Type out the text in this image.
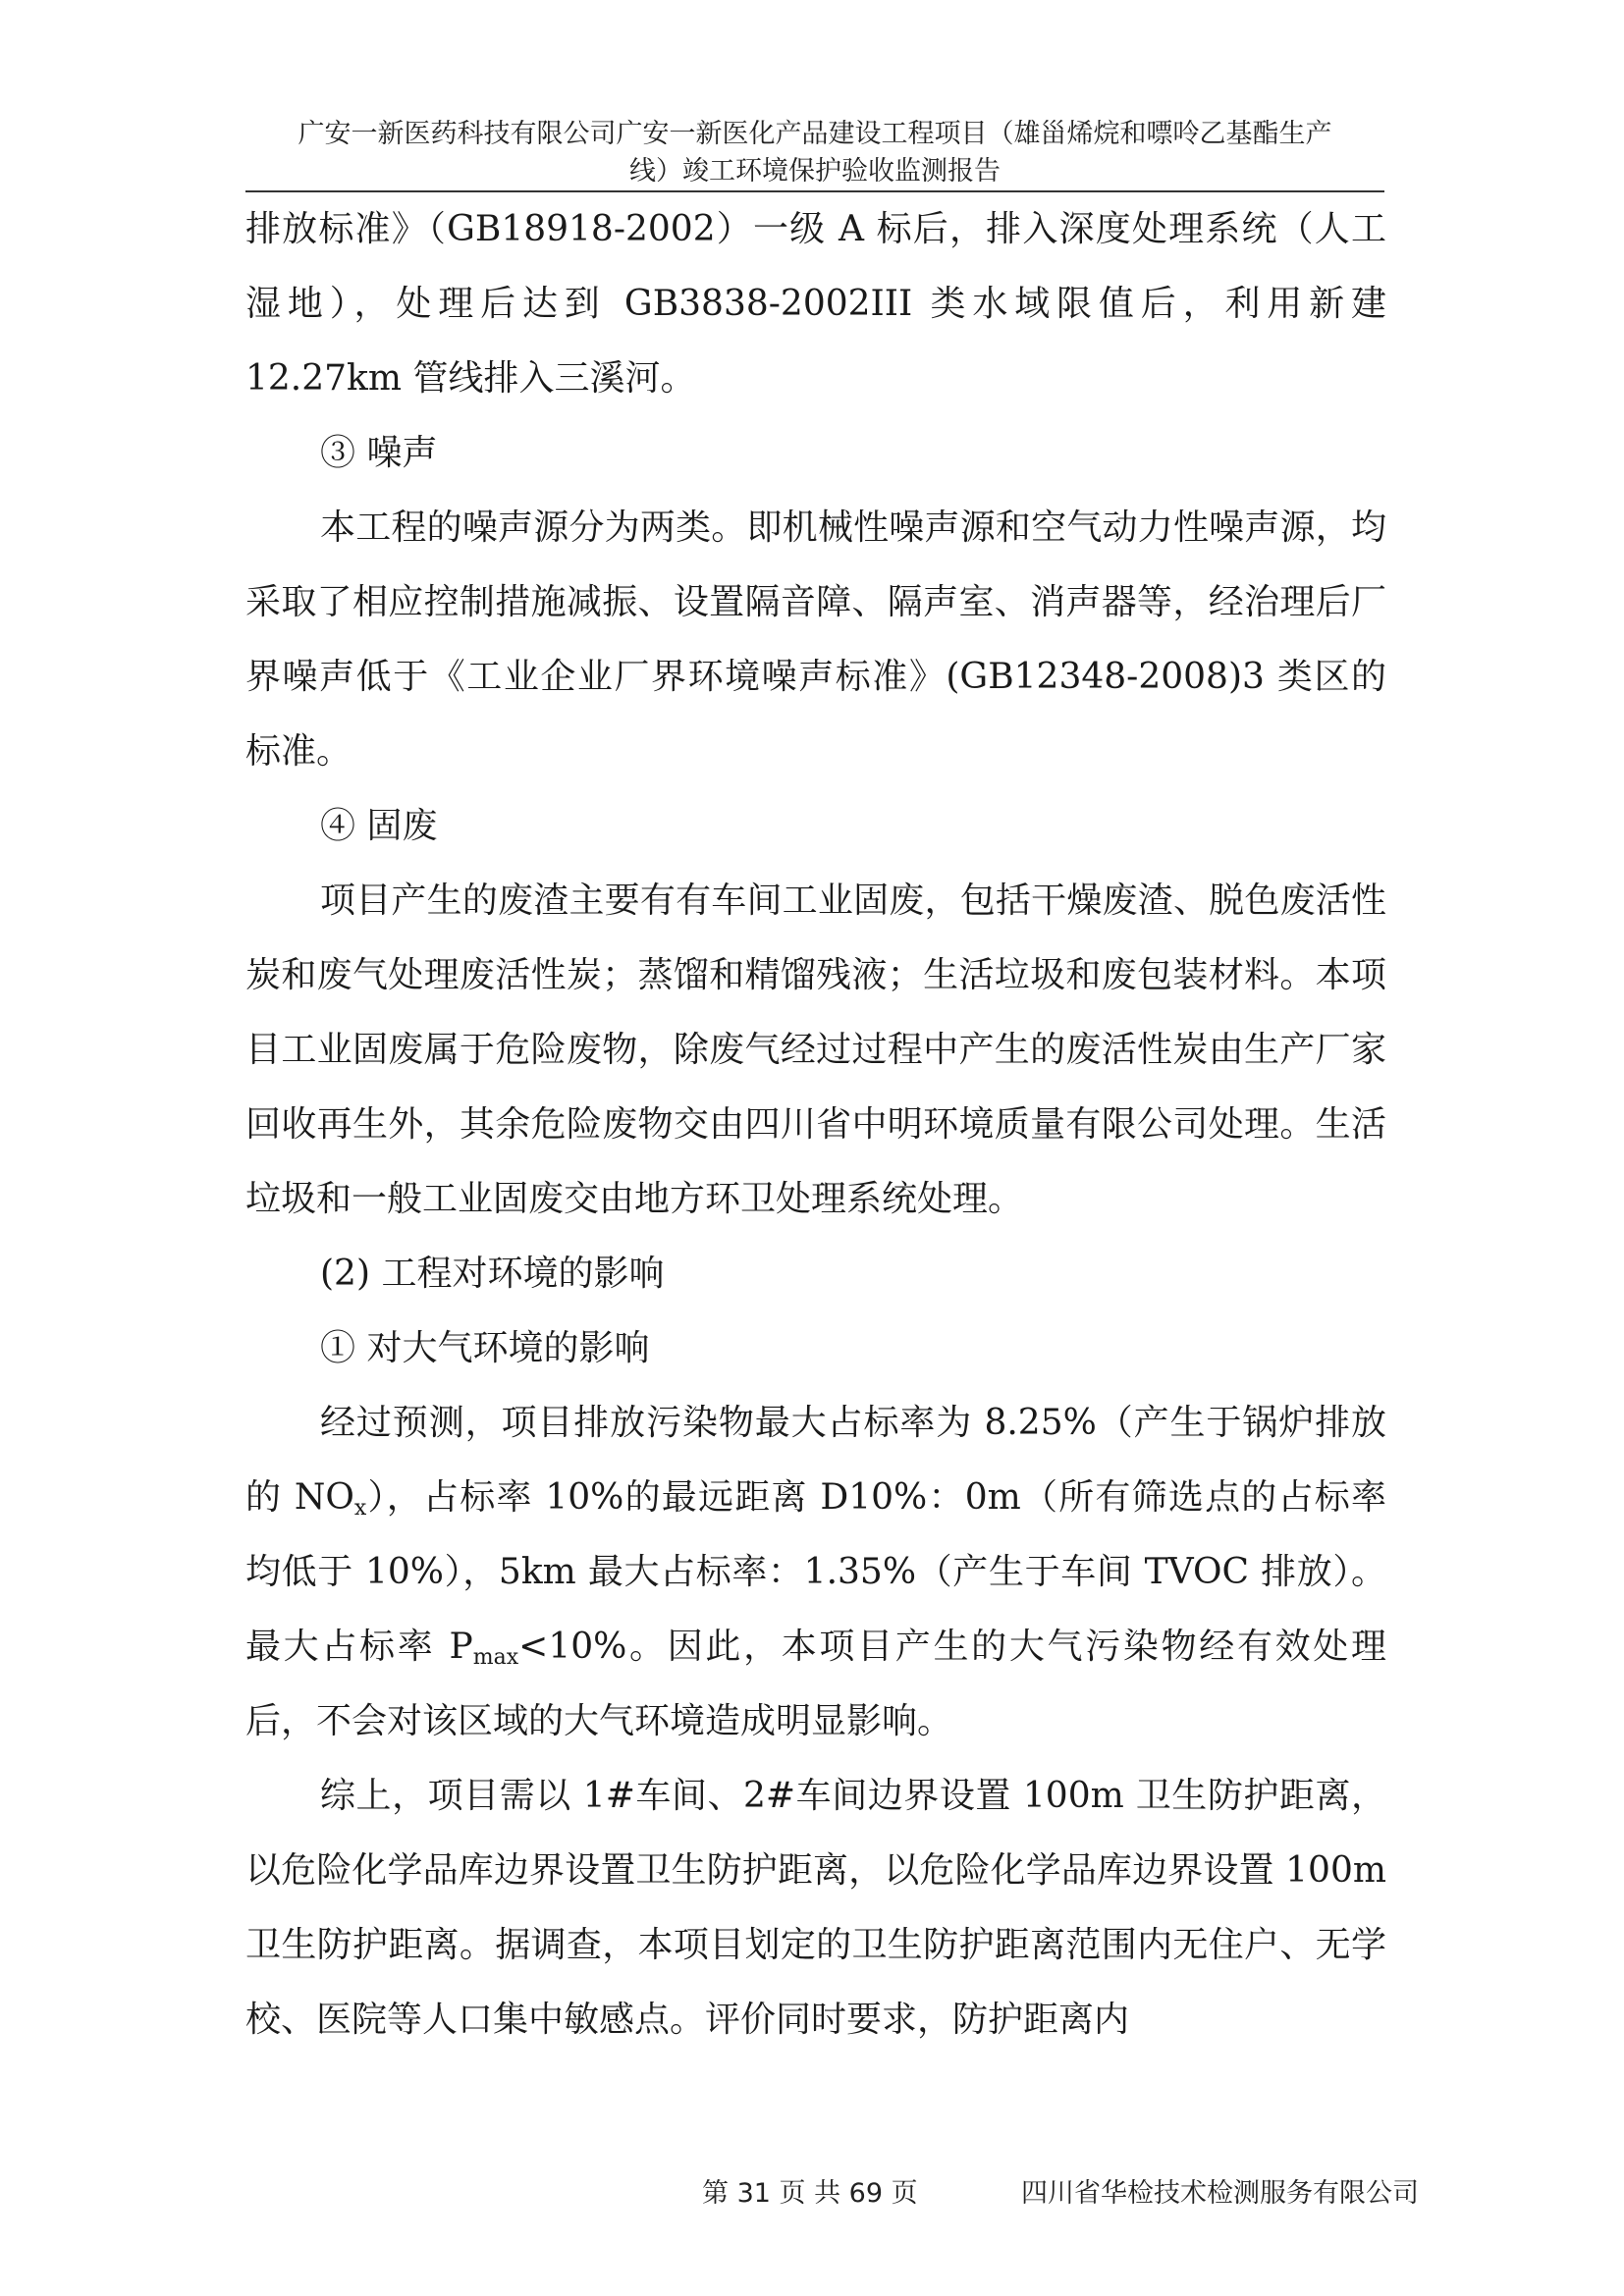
广安一新医药科技有限公司广安一新医化产品建设工程项目（雄甾烯烷和嘌呤乙基酯生产
线）竣工环境保护验收监测报告

排放标准》（GB18918-2002）一级 A 标后，排入深度处理系统（人工湿地），处理后达到 GB3838-2002III 类水域限值后，利用新建 12.27km 管线排入三溪河。

③ 噪声

本工程的噪声源分为两类。即机械性噪声源和空气动力性噪声源，均采取了相应控制措施减振、设置隔音障、隔声室、消声器等，经治理后厂界噪声低于《工业企业厂界环境噪声标准》(GB12348-2008)3 类区的标准。

④ 固废

项目产生的废渣主要有有车间工业固废，包括干燥废渣、脱色废活性炭和废气处理废活性炭；蒸馏和精馏残液；生活垃圾和废包装材料。本项目工业固废属于危险废物，除废气经过过程中产生的废活性炭由生产厂家回收再生外，其余危险废物交由四川省中明环境质量有限公司处理。生活垃圾和一般工业固废交由地方环卫处理系统处理。

(2) 工程对环境的影响

① 对大气环境的影响

经过预测，项目排放污染物最大占标率为 8.25%（产生于锅炉排放的 $NO_x$），占标率 10%的最远距离 D10%：0m（所有筛选点的占标率均低于 10%），5km 最大占标率：1.35%（产生于车间 TVOC 排放）。最大占标率 $P_{max}<10\%$。因此，本项目产生的大气污染物经有效处理后，不会对该区域的大气环境造成明显影响。

综上，项目需以 1#车间、2#车间边界设置 100m 卫生防护距离，以危险化学品库边界设置卫生防护距离，以危险化学品库边界设置 100m 卫生防护距离。据调查，本项目划定的卫生防护距离范围内无住户、无学校、医院等人口集中敏感点。评价同时要求，防护距离内

第 31 页 共 69 页	四川省华检技术检测服务有限公司
